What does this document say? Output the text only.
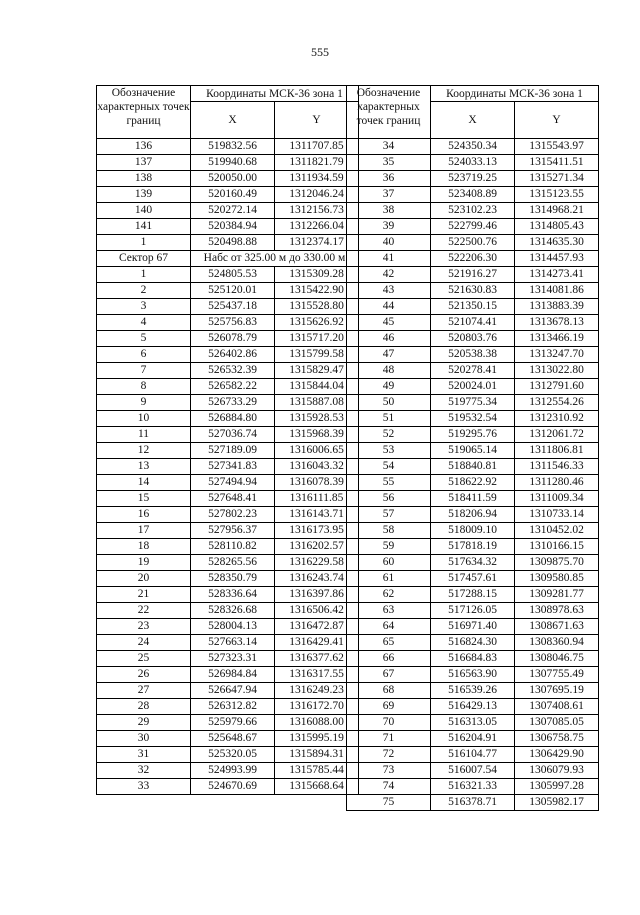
555
Обозначение характерных точек границ	Координаты МСК-36 зона 1	
	X	Y
136	519832.56	1311707.85
137	519940.68	1311821.79
138	520050.00	1311934.59
139	520160.49	1312046.24
140	520272.14	1312156.73
141	520384.94	1312266.04
1	520498.88	1312374.17
Сектор 67	Набс от 325.00 м до 330.00 м	

1	524805.53	1315309.28
2	525120.01	1315422.90
3	525437.18	1315528.80
4	525756.83	1315626.92
5	526078.79	1315717.20
6	526402.86	1315799.58
7	526532.39	1315829.47
8	526582.22	1315844.04
9	526733.29	1315887.08
10	526884.80	1315928.53
11	527036.74	1315968.39
12	527189.09	1316006.65
13	527341.83	1316043.32
14	527494.94	1316078.39
15	527648.41	1316111.85
16	527802.23	1316143.71
17	527956.37	1316173.95
18	528110.82	1316202.57
19	528265.56	1316229.58
20	528350.79	1316243.74
21	528336.64	1316397.86
22	528326.68	1316506.42
23	528004.13	1316472.87
24	527663.14	1316429.41
25	527323.31	1316377.62
26	526984.84	1316317.55
27	526647.94	1316249.23
28	526312.82	1316172.70
29	525979.66	1316088.00
30	525648.67	1315995.19
31	525320.05	1315894.31
32	524993.99	1315785.44
33	524670.69	1315668.64
Обозначение характерных точек границ	Координаты МСК-36 зона 1	
	X	Y
34	524350.34	1315543.97
35	524033.13	1315411.51
36	523719.25	1315271.34
37	523408.89	1315123.55
38	523102.23	1314968.21
39	522799.46	1314805.43
40	522500.76	1314635.30
41	522206.30	1314457.93
42	521916.27	1314273.41
43	521630.83	1314081.86
44	521350.15	1313883.39
45	521074.41	1313678.13
46	520803.76	1313466.19
47	520538.38	1313247.70
48	520278.41	1313022.80
49	520024.01	1312791.60
50	519775.34	1312554.26
51	519532.54	1312310.92
52	519295.76	1312061.72
53	519065.14	1311806.81
54	518840.81	1311546.33
55	518622.92	1311280.46
56	518411.59	1311009.34
57	518206.94	1310733.14
58	518009.10	1310452.02
59	517818.19	1310166.15
60	517634.32	1309875.70
61	517457.61	1309580.85
62	517288.15	1309281.77
63	517126.05	1308978.63
64	516971.40	1308671.63
65	516824.30	1308360.94
66	516684.83	1308046.75
67	516563.90	1307755.49
68	516539.26	1307695.19
69	516429.13	1307408.61
70	516313.05	1307085.05
71	516204.91	1306758.75
72	516104.77	1306429.90
73	516007.54	1306079.93
74	516321.33	1305997.28
75	516378.71	1305982.17
